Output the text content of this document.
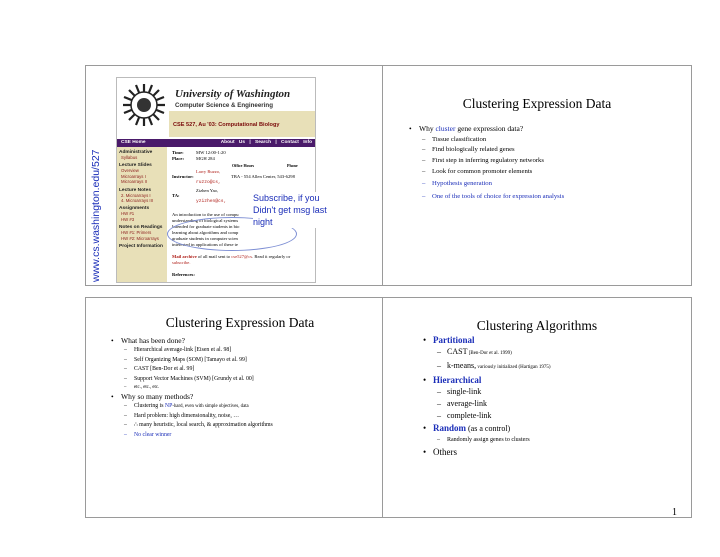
www.cs.washington.edu/527
University of Washington
Computer Science & Engineering
CSE 527, Au '03: Computational Biology
CSE Home	About Us | Search | Contact Info
Administrative
Syllabus
Lecture Slides
Overview
Microarrays I
Microarrays II
Lecture Notes
2. Microarrays I
4. Microarrays III
Assignments
HW #1
HW #3
Notes on Readings
HW #1: Primers
HW #2: Microarrays
Project Information
Time:	MW 12:00-1:20
Place:	MGH 284
Office Hours	Phone
Larry Ruzzo,
Instructor:	TBA - 554 Allen Center, 543-6298
ruzzo@cs,
Zizhen Yao,
TA:
yzizhen@cs,
An introduction to the use of compu
understanding of biological systems
Intended for graduate students in bio
learning about algorithms and comp
graduate students in computer scien
interested in applications of these te
Mail archive of all mail sent to cse527@cs. Read it regularly or
subscribe.
References:
Subscribe, if you
Didn't get msg last
night
Clustering Expression Data
• Why cluster gene expression data?
– Tissue classification
– Find biologically related genes
– First step in inferring regulatory networks
– Look for common promoter elements
– Hypothesis generation
– One of the tools of choice for expression analysis
Clustering Expression Data
• What has been done?
– Hierarchical average-link [Eisen et al. 98]
– Self Organizing Maps (SOM) [Tamayo et al. 99]
– CAST [Ben-Dor et al. 99]
– Support Vector Machines (SVM) [Grundy et al. 00]
– etc., etc., etc.
• Why so many methods?
– Clustering is NP-hard, even with simple objectives, data
– Hard problem: high dimensionality, noise, …
– ∴ many heuristic, local search, & approximation algorithms
– No clear winner
Clustering Algorithms
• Partitional
– CAST [Ben-Dor et al. 1999)
– k-means, variously initialized (Hartigan 1975)
• Hierarchical
– single-link
– average-link
– complete-link
• Random (as a control)
– Randomly assign genes to clusters
• Others
1
